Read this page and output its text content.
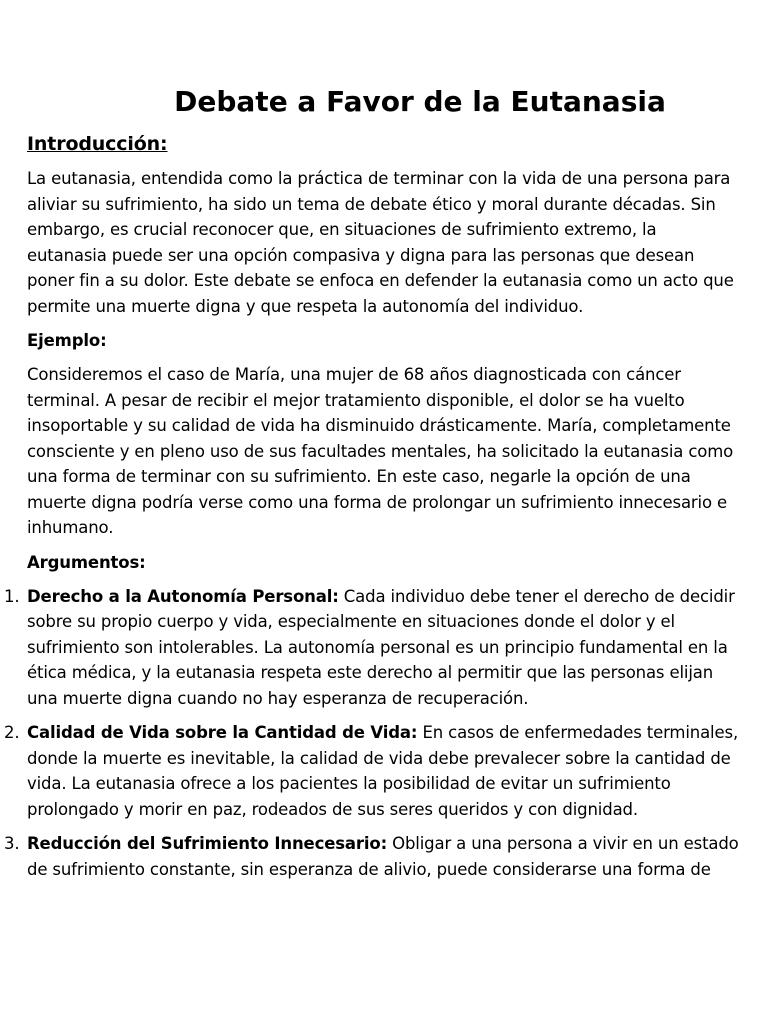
Debate a Favor de la Eutanasia
Introducción:

La eutanasia, entendida como la práctica de terminar con la vida de una persona para aliviar su sufrimiento, ha sido un tema de debate ético y moral durante décadas. Sin embargo, es crucial reconocer que, en situaciones de sufrimiento extremo, la eutanasia puede ser una opción compasiva y digna para las personas que desean poner fin a su dolor. Este debate se enfoca en defender la eutanasia como un acto que permite una muerte digna y que respeta la autonomía del individuo.

Ejemplo:

Consideremos el caso de María, una mujer de 68 años diagnosticada con cáncer terminal. A pesar de recibir el mejor tratamiento disponible, el dolor se ha vuelto insoportable y su calidad de vida ha disminuido drásticamente. María, completamente consciente y en pleno uso de sus facultades mentales, ha solicitado la eutanasia como una forma de terminar con su sufrimiento. En este caso, negarle la opción de una muerte digna podría verse como una forma de prolongar un sufrimiento innecesario e inhumano.

Argumentos:
1. Derecho a la Autonomía Personal: Cada individuo debe tener el derecho de decidir sobre su propio cuerpo y vida, especialmente en situaciones donde el dolor y el sufrimiento son intolerables. La autonomía personal es un principio fundamental en la ética médica, y la eutanasia respeta este derecho al permitir que las personas elijan una muerte digna cuando no hay esperanza de recuperación.
2. Calidad de Vida sobre la Cantidad de Vida: En casos de enfermedades terminales, donde la muerte es inevitable, la calidad de vida debe prevalecer sobre la cantidad de vida. La eutanasia ofrece a los pacientes la posibilidad de evitar un sufrimiento prolongado y morir en paz, rodeados de sus seres queridos y con dignidad.
3. Reducción del Sufrimiento Innecesario: Obligar a una persona a vivir en un estado de sufrimiento constante, sin esperanza de alivio, puede considerarse una forma de
